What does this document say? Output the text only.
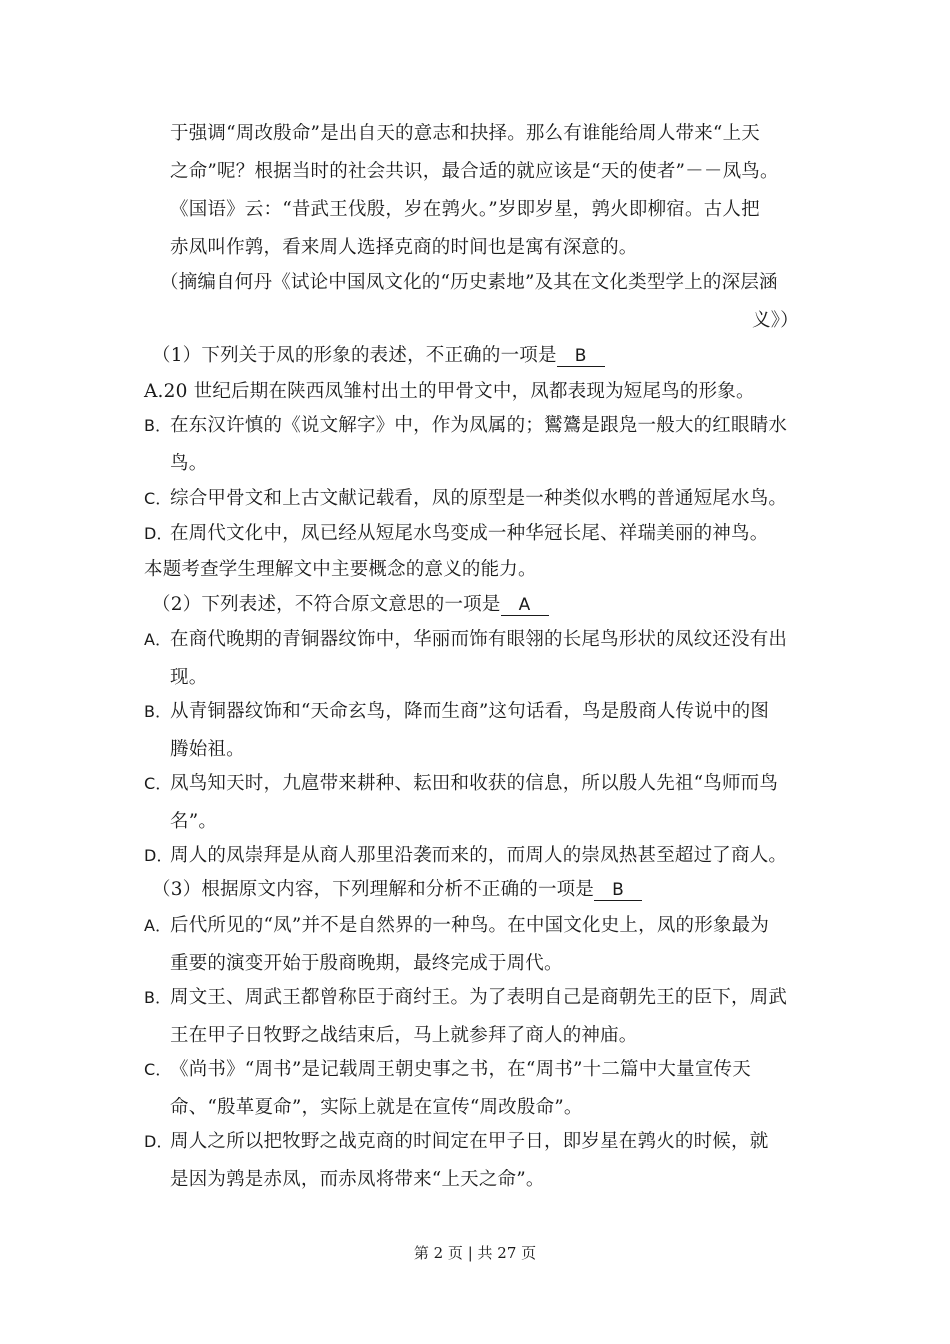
于强调“周改殷命”是出自天的意志和抉择。那么有谁能给周人带来“上天
之命”呢？根据当时的社会共识，最合适的就应该是“天的使者”－－凤鸟。
《国语》云：“昔武王伐殷，岁在鹑火。”岁即岁星，鹑火即柳宿。古人把
赤凤叫作鹑，看来周人选择克商的时间也是寓有深意的。
（摘编自何丹《试论中国凤文化的“历史素地”及其在文化类型学上的深层涵
义》）
（1）下列关于凤的形象的表述，不正确的一项是 B
A.20 世纪后期在陕西凤雏村出土的甲骨文中，凤都表现为短尾鸟的形象。
B．在东汉许慎的《说文解字》中，作为凤属的；鸑鷟是跟凫一般大的红眼睛水
鸟。
C．综合甲骨文和上古文献记载看，凤的原型是一种类似水鸭的普通短尾水鸟。
D．在周代文化中，凤已经从短尾水鸟变成一种华冠长尾、祥瑞美丽的神鸟。
本题考查学生理解文中主要概念的意义的能力。
（2）下列表述，不符合原文意思的一项是 A
A．在商代晚期的青铜器纹饰中，华丽而饰有眼翎的长尾鸟形状的凤纹还没有出
现。
B．从青铜器纹饰和“天命玄鸟，降而生商”这句话看，鸟是殷商人传说中的图
腾始祖。
C．凤鸟知天时，九扈带来耕种、耘田和收获的信息，所以殷人先祖“鸟师而鸟
名”。
D．周人的凤崇拜是从商人那里沿袭而来的，而周人的崇凤热甚至超过了商人。
（3）根据原文内容，下列理解和分析不正确的一项是 B
A．后代所见的“凤”并不是自然界的一种鸟。在中国文化史上，凤的形象最为
重要的演变开始于殷商晚期，最终完成于周代。
B．周文王、周武王都曾称臣于商纣王。为了表明自己是商朝先王的臣下，周武
王在甲子日牧野之战结束后，马上就参拜了商人的神庙。
C．《尚书》“周书”是记载周王朝史事之书，在“周书”十二篇中大量宣传天
命、“殷革夏命”，实际上就是在宣传“周改殷命”。
D．周人之所以把牧野之战克商的时间定在甲子日，即岁星在鹑火的时候，就
是因为鹑是赤凤，而赤凤将带来“上天之命”。
第 2 页 | 共 27 页
